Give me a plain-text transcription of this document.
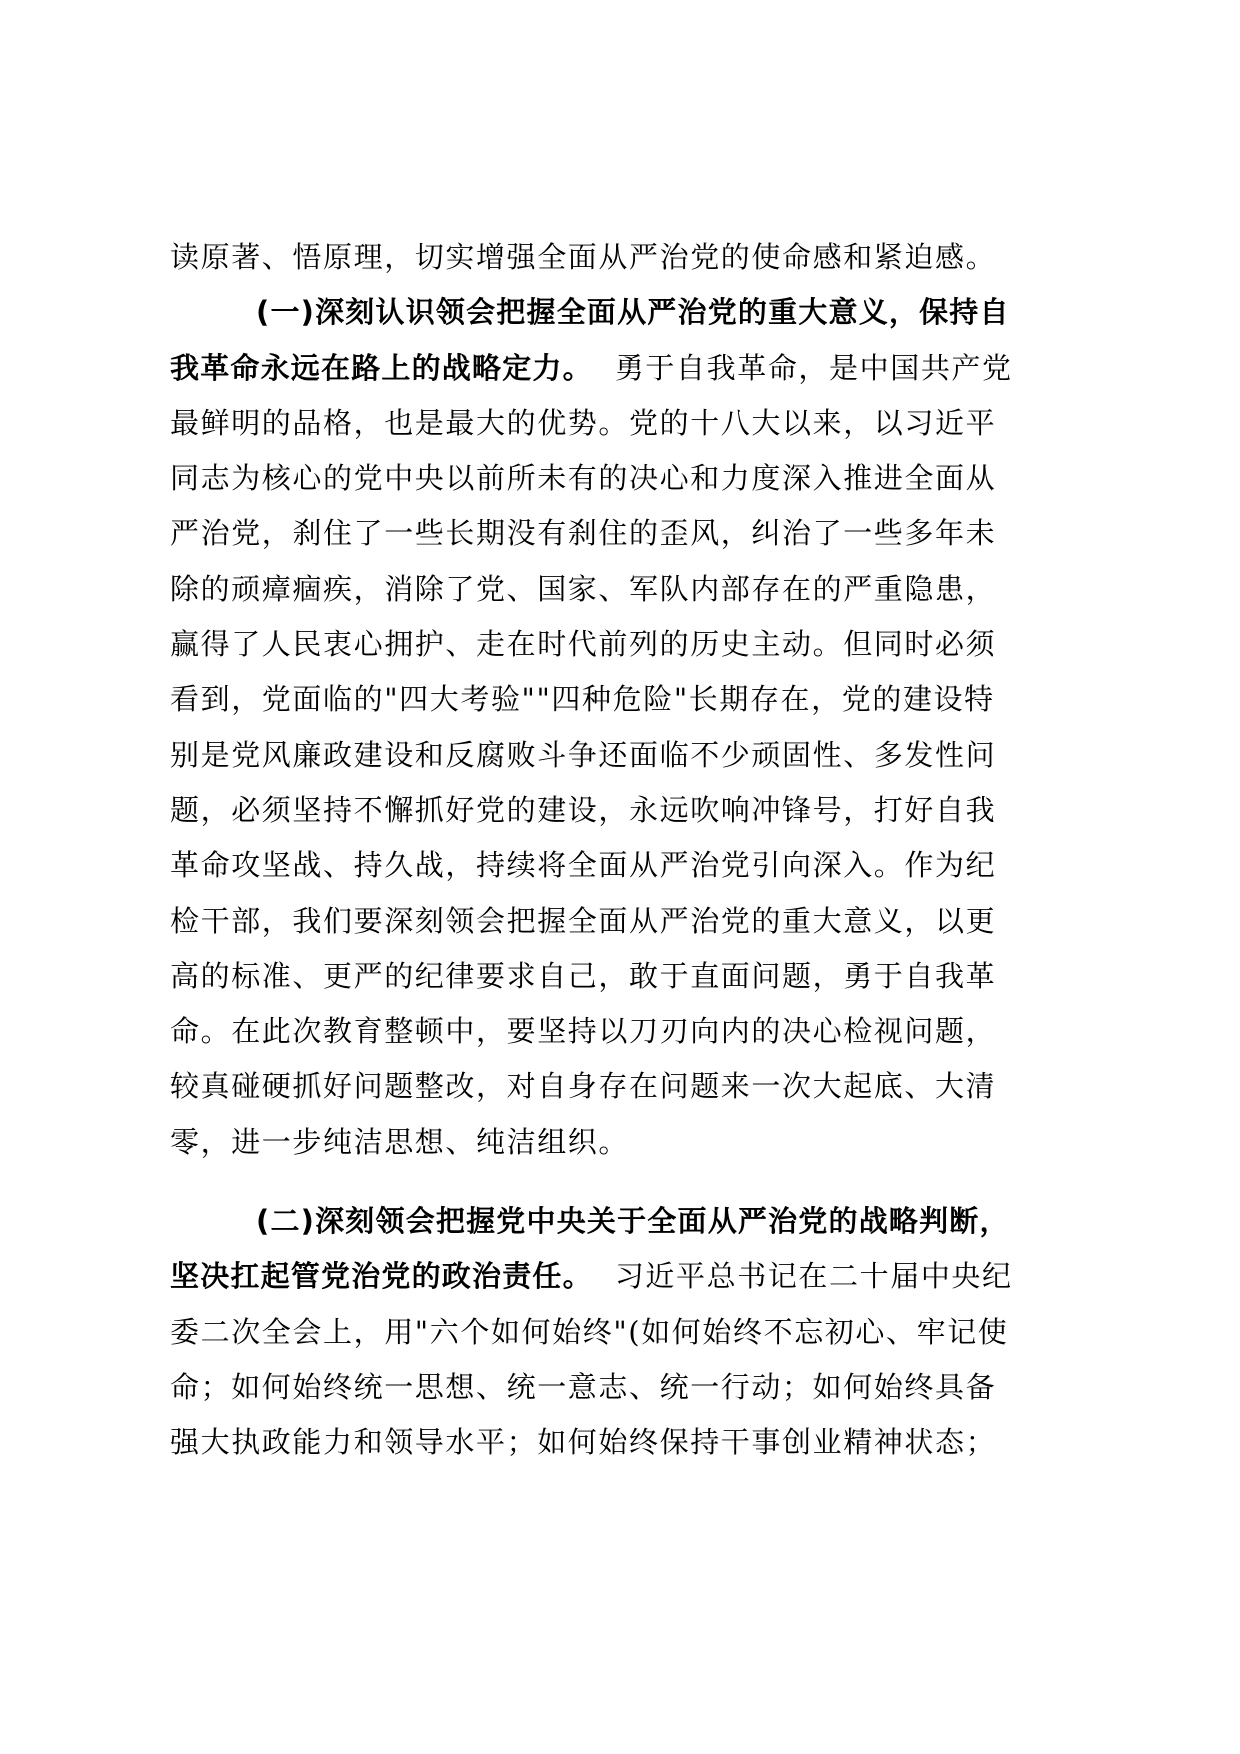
读原著、悟原理，切实增强全面从严治党的使命感和紧迫感。
(一)深刻认识领会把握全面从严治党的重大意义，保持自
我革命永远在路上的战略定力。 勇于自我革命，是中国共产党
最鲜明的品格，也是最大的优势。党的十八大以来，以习近平
同志为核心的党中央以前所未有的决心和力度深入推进全面从
严治党，刹住了一些长期没有刹住的歪风，纠治了一些多年未
除的顽瘴痼疾，消除了党、国家、军队内部存在的严重隐患，
赢得了人民衷心拥护、走在时代前列的历史主动。但同时必须
看到，党面临的"四大考验""四种危险"长期存在，党的建设特
别是党风廉政建设和反腐败斗争还面临不少顽固性、多发性问
题，必须坚持不懈抓好党的建设，永远吹响冲锋号，打好自我
革命攻坚战、持久战，持续将全面从严治党引向深入。作为纪
检干部，我们要深刻领会把握全面从严治党的重大意义，以更
高的标准、更严的纪律要求自己，敢于直面问题，勇于自我革
命。在此次教育整顿中，要坚持以刀刃向内的决心检视问题，
较真碰硬抓好问题整改，对自身存在问题来一次大起底、大清
零，进一步纯洁思想、纯洁组织。
(二)深刻领会把握党中央关于全面从严治党的战略判断，
坚决扛起管党治党的政治责任。 习近平总书记在二十届中央纪
委二次全会上，用"六个如何始终"(如何始终不忘初心、牢记使
命；如何始终统一思想、统一意志、统一行动；如何始终具备
强大执政能力和领导水平；如何始终保持干事创业精神状态；
